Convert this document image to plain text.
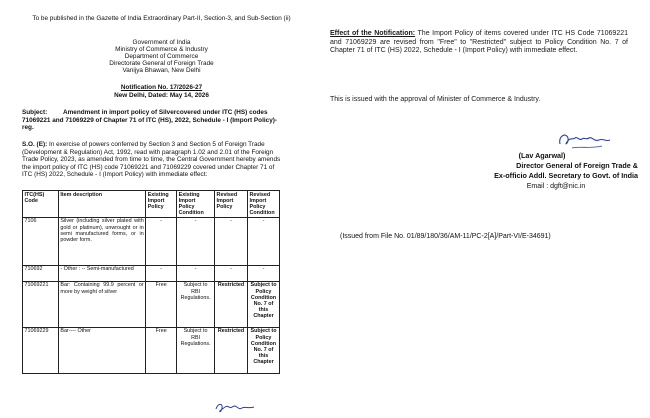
To be published in the Gazette of India Extraordinary Part-II, Section-3, and Sub-Section (ii)

Government of India

Ministry of Commerce & Industry

Department of Commerce

Directorate General of Foreign Trade

Vanijya Bhawan, New Delhi

Notification No. 17/2026-27

New Delhi, Dated: May 14, 2026

Subject: Amendment in import policy of Silvercovered under ITC (HS) codes 71069221 and 71069229 of Chapter 71 of ITC (HS), 2022, Schedule - I (Import Policy)-reg.

S.O. (E): In exercise of powers conferred by Section 3 and Section 5 of Foreign Trade (Development & Regulation) Act, 1992, read with paragraph 1.02 and 2.01 of the Foreign Trade Policy, 2023, as amended from time to time, the Central Government hereby amends the import policy of ITC (HS) code 71069221 and 71069229 covered under Chapter 71 of ITC (HS) 2022, Schedule - I (Import Policy) with immediate effect:

ITC(HS) Code	Item description	Existing Import Policy	Existing Import Policy Condition	Revised Import Policy	Revised Import Policy Condition
7106	Silver (including silver plated with gold or platinum), unwrought or in semi manufactured forms, or in powder form.	-	-	-	-
710692	- Other : -- Semi-manufactured	-	-	-	-
71069221	Bar: Containing 99.9 percent or more by weight of silver	Free	Subject to RBI Regulations.	Restricted	Subject to Policy Condition No. 7 of this Chapter
71069229	Bar---- Other	Free	Subject to RBI Regulations.	Restricted	Subject to Policy Condition No. 7 of this Chapter

Effect of the Notification: The Import Policy of items covered under ITC HS Code 71069221 and 71069229 are revised from "Free" to "Restricted" subject to Policy Condition No. 7 of Chapter 71 of ITC (HS) 2022, Schedule - I (Import Policy) with immediate effect.

This is issued with the approval of Minister of Commerce & Industry.

(Lav Agarwal)

Director General of Foreign Trade &

Ex-officio Addl. Secretary to Govt. of India

Email : dgft@nic.in

(Issued from File No. 01/89/180/36/AM-11/PC-2[A]/Part-VI/E-34691)
